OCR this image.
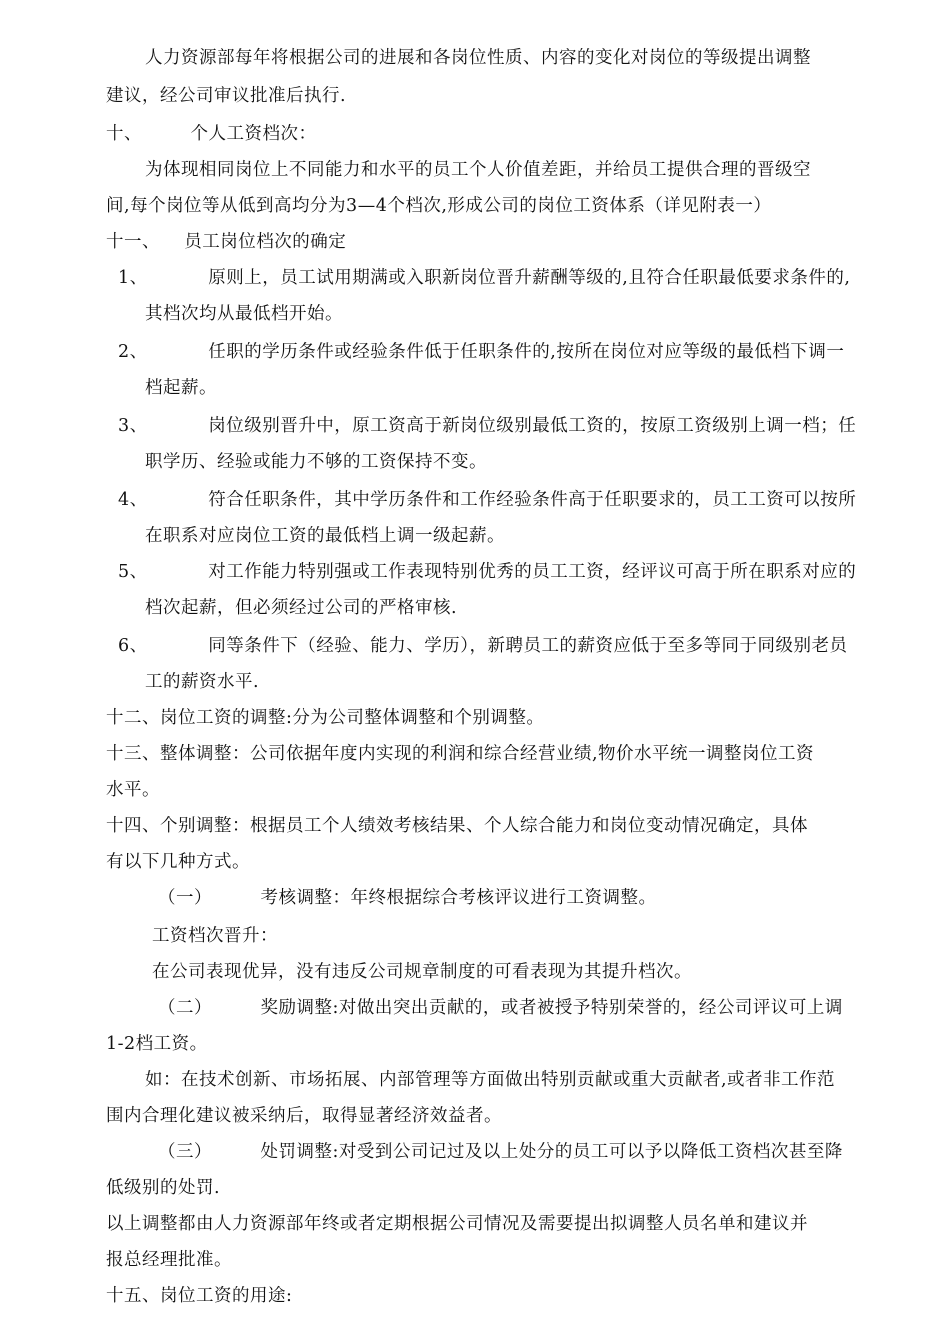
人力资源部每年将根据公司的进展和各岗位性质、内容的变化对岗位的等级提出调整
建议，经公司审议批准后执行.
十、        个人工资档次：
为体现相同岗位上不同能力和水平的员工个人价值差距，并给员工提供合理的晋级空
间,每个岗位等从低到高均分为3—4个档次,形成公司的岗位工资体系（详见附表一）
十一、    员工岗位档次的确定
1、          原则上，员工试用期满或入职新岗位晋升薪酬等级的,且符合任职最低要求条件的,
其档次均从最低档开始。
2、          任职的学历条件或经验条件低于任职条件的,按所在岗位对应等级的最低档下调一
档起薪。
3、          岗位级别晋升中，原工资高于新岗位级别最低工资的，按原工资级别上调一档；任
职学历、经验或能力不够的工资保持不变。
4、          符合任职条件，其中学历条件和工作经验条件高于任职要求的，员工工资可以按所
在职系对应岗位工资的最低档上调一级起薪。
5、          对工作能力特别强或工作表现特别优秀的员工工资，经评议可高于所在职系对应的
档次起薪，但必须经过公司的严格审核.
6、          同等条件下（经验、能力、学历），新聘员工的薪资应低于至多等同于同级别老员
工的薪资水平.
十二、岗位工资的调整:分为公司整体调整和个别调整。
十三、整体调整：公司依据年度内实现的利润和综合经营业绩,物价水平统一调整岗位工资
水平。
十四、个别调整：根据员工个人绩效考核结果、个人综合能力和岗位变动情况确定，具体
有以下几种方式。
（一）        考核调整：年终根据综合考核评议进行工资调整。
工资档次晋升：
在公司表现优异，没有违反公司规章制度的可看表现为其提升档次。
（二）        奖励调整:对做出突出贡献的，或者被授予特别荣誉的，经公司评议可上调
1-2档工资。
如：在技术创新、市场拓展、内部管理等方面做出特别贡献或重大贡献者,或者非工作范
围内合理化建议被采纳后，取得显著经济效益者。
（三）        处罚调整:对受到公司记过及以上处分的员工可以予以降低工资档次甚至降
低级别的处罚.
以上调整都由人力资源部年终或者定期根据公司情况及需要提出拟调整人员名单和建议并
报总经理批准。
十五、岗位工资的用途:
